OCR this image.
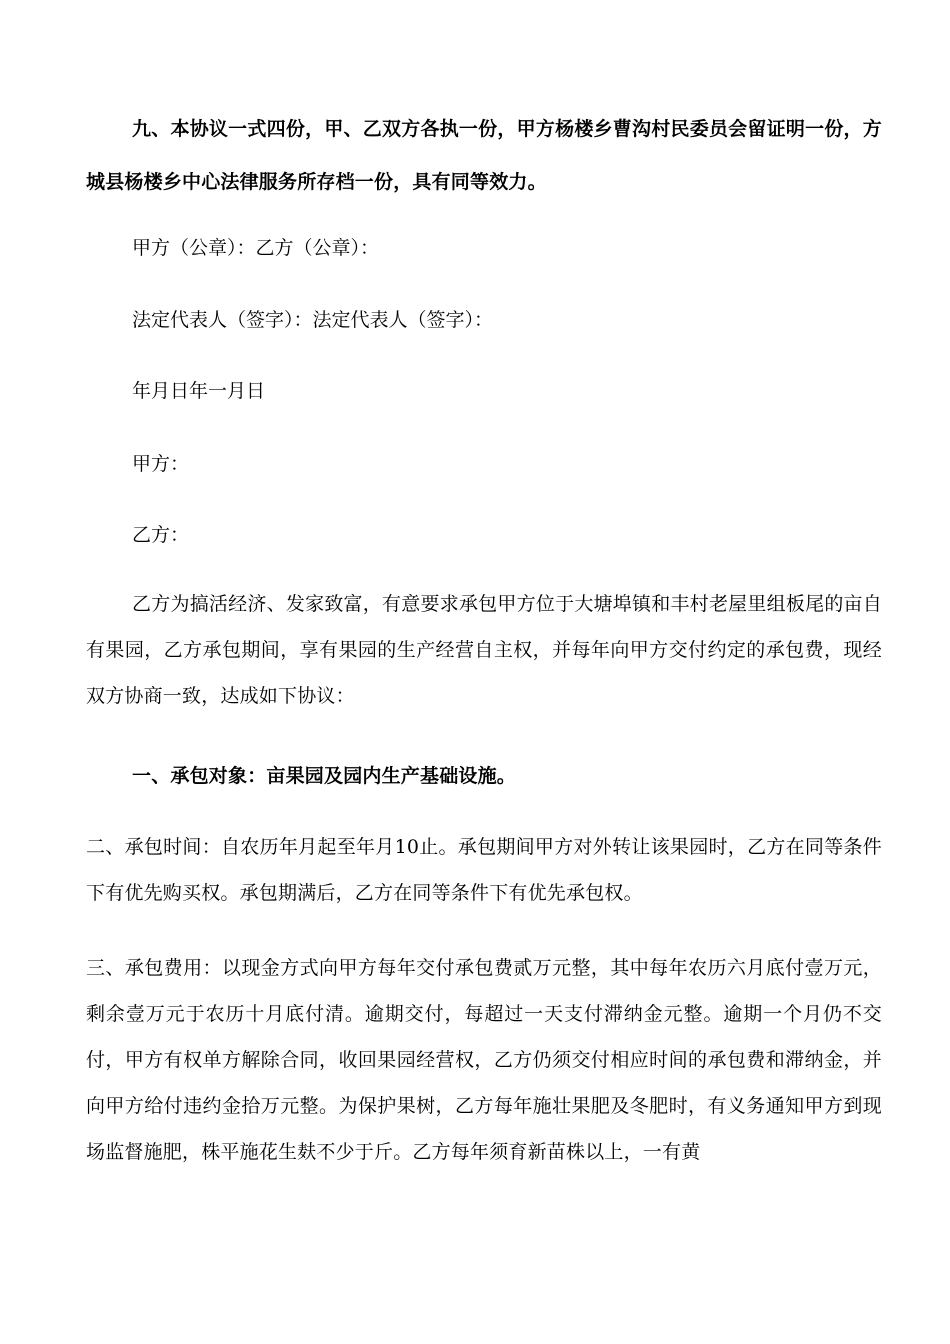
九、本协议一式四份，甲、乙双方各执一份，甲方杨楼乡曹沟村民委员会留证明一份，方城县杨楼乡中心法律服务所存档一份，具有同等效力。

甲方（公章）：乙方（公章）：

法定代表人（签字）：法定代表人（签字）：

年月日年一月日

甲方：

乙方：

乙方为搞活经济、发家致富，有意要求承包甲方位于大塘埠镇和丰村老屋里组板尾的亩自有果园，乙方承包期间，享有果园的生产经营自主权，并每年向甲方交付约定的承包费，现经双方协商一致，达成如下协议：

一、承包对象：亩果园及园内生产基础设施。

二、承包时间：自农历年月起至年月10止。承包期间甲方对外转让该果园时，乙方在同等条件下有优先购买权。承包期满后，乙方在同等条件下有优先承包权。

三、承包费用：以现金方式向甲方每年交付承包费贰万元整，其中每年农历六月底付壹万元，剩余壹万元于农历十月底付清。逾期交付，每超过一天支付滞纳金元整。逾期一个月仍不交付，甲方有权单方解除合同，收回果园经营权，乙方仍须交付相应时间的承包费和滞纳金，并向甲方给付违约金拾万元整。为保护果树，乙方每年施壮果肥及冬肥时，有义务通知甲方到现场监督施肥，株平施花生麸不少于斤。乙方每年须育新苗株以上，一有黄
